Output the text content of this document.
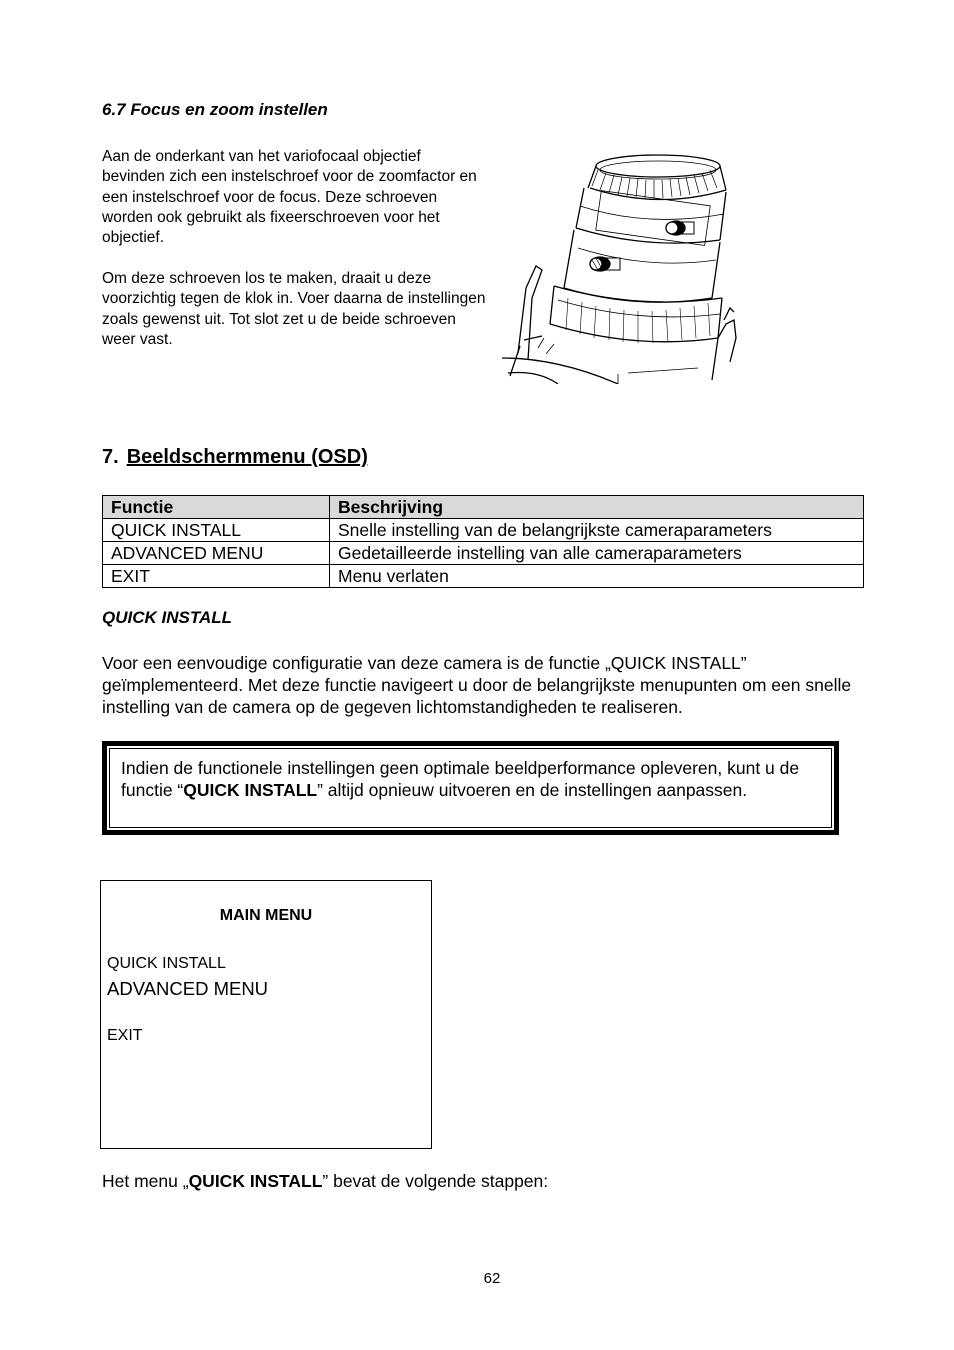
6.7 Focus en zoom instellen
Aan de onderkant van het variofocaal objectief bevinden zich een instelschroef voor de zoomfactor en een instelschroef voor de focus. Deze schroeven worden ook gebruikt als fixeerschroeven voor het objectief.
Om deze schroeven los te maken, draait u deze voorzichtig tegen de klok in. Voer daarna de instellingen zoals gewenst uit. Tot slot zet u de beide schroeven weer vast.
7. Beeldschermmenu (OSD)
Functie	Beschrijving
QUICK INSTALL	Snelle instelling van de belangrijkste cameraparameters
ADVANCED MENU	Gedetailleerde instelling van alle cameraparameters
EXIT	Menu verlaten
QUICK INSTALL
Voor een eenvoudige configuratie van deze camera is de functie „QUICK INSTALL” geïmplementeerd. Met deze functie navigeert u door de belangrijkste menupunten om een snelle instelling van de camera op de gegeven lichtomstandigheden te realiseren.
Indien de functionele instellingen geen optimale beeldperformance opleveren, kunt u de functie “QUICK INSTALL” altijd opnieuw uitvoeren en de instellingen aanpassen.
MAIN MENU
QUICK INSTALL
ADVANCED MENU
EXIT
Het menu „QUICK INSTALL” bevat de volgende stappen:
62
